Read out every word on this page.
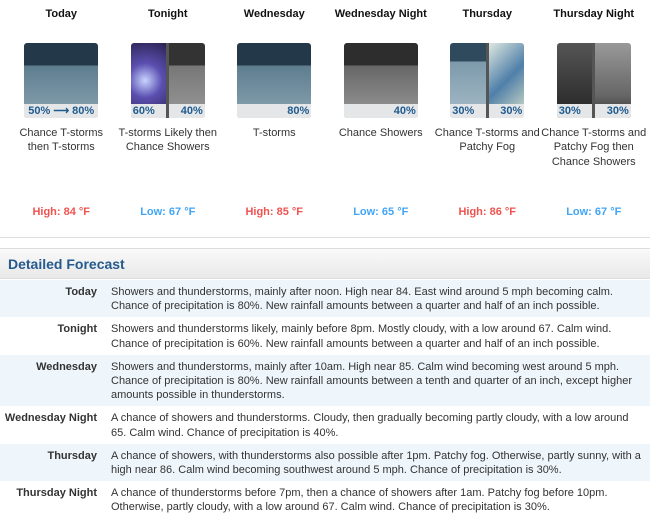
Today
50% ⟶ 80%
Chance T-storms then T-storms
High: 84 °F
Tonight
60%	40%
T-storms Likely then Chance Showers
Low: 67 °F
Wednesday
80%
T-storms
High: 85 °F
Wednesday Night
40%
Chance Showers
Low: 65 °F
Thursday
30%	30%
Chance T-storms and Patchy Fog
High: 86 °F
Thursday Night
30%	30%
Chance T-storms and Patchy Fog then Chance Showers
Low: 67 °F
Detailed Forecast
Today Showers and thunderstorms, mainly after noon. High near 84. East wind around 5 mph becoming calm. Chance of precipitation is 80%. New rainfall amounts between a quarter and half of an inch possible.
Tonight Showers and thunderstorms likely, mainly before 8pm. Mostly cloudy, with a low around 67. Calm wind. Chance of precipitation is 60%. New rainfall amounts between a quarter and half of an inch possible.
Wednesday Showers and thunderstorms, mainly after 10am. High near 85. Calm wind becoming west around 5 mph. Chance of precipitation is 80%. New rainfall amounts between a tenth and quarter of an inch, except higher amounts possible in thunderstorms.
Wednesday Night A chance of showers and thunderstorms. Cloudy, then gradually becoming partly cloudy, with a low around 65. Calm wind. Chance of precipitation is 40%.
Thursday A chance of showers, with thunderstorms also possible after 1pm. Patchy fog. Otherwise, partly sunny, with a high near 86. Calm wind becoming southwest around 5 mph. Chance of precipitation is 30%.
Thursday Night A chance of thunderstorms before 7pm, then a chance of showers after 1am. Patchy fog before 10pm. Otherwise, partly cloudy, with a low around 67. Calm wind. Chance of precipitation is 30%.
